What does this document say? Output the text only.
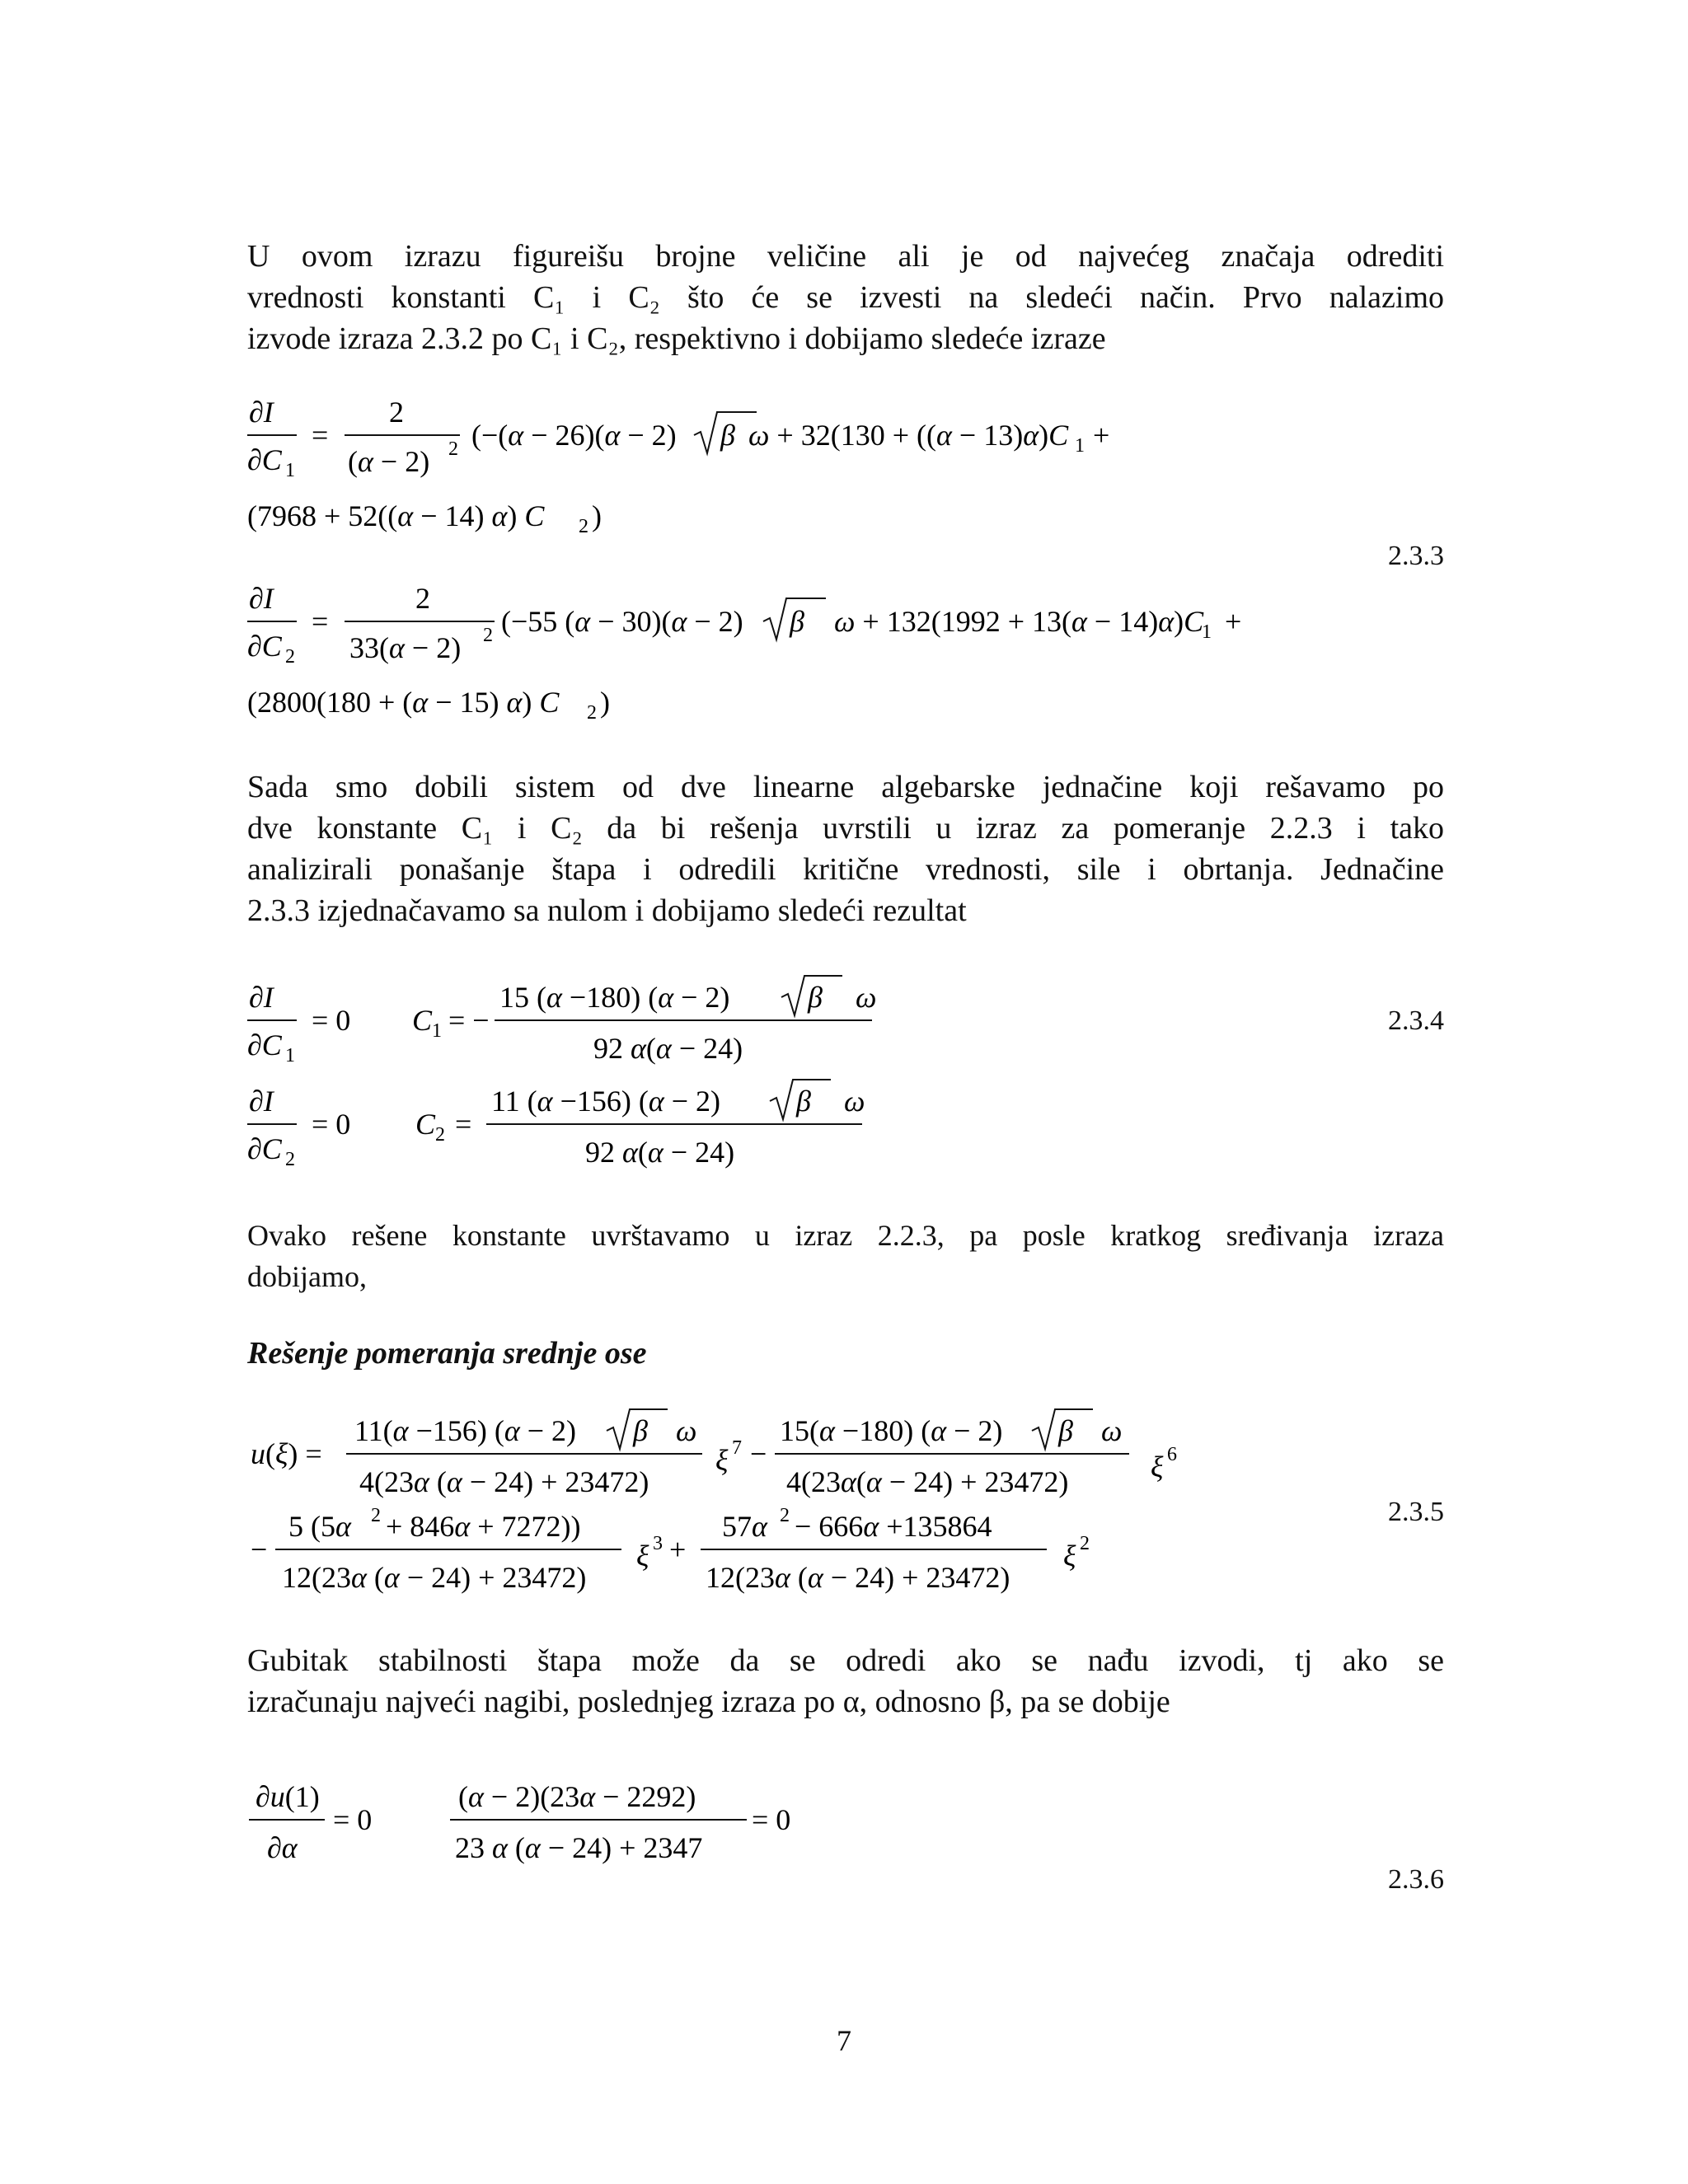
U ovom izrazu figureišu brojne veličine ali je od najvećeg značaja odrediti
vrednosti konstanti C₁ i C₂ što će se izvesti na sledeći način. Prvo nalazimo
izvode izraza 2.3.2 po C₁ i C₂, respektivno i dobijamo sledeće izraze
∂I
∂C 1
=
2
(α − 2) 2 (−(α − 26)(α − 2) β ω + 32(130 + ((α − 13)α)C 1 +
(7968 + 52((α − 14) α) C 2 )
∂I
∂C 2
=
2
33(α − 2) 2 (−55 (α − 30)(α − 2) β ω + 132(1992 + 13(α − 14)α)C
1 +
(2800(180 + (α − 15) α) C 2 )
2.3.3
Sada smo dobili sistem od dve linearne algebarske jednačine koji rešavamo po
dve konstante C₁ i C₂ da bi rešenja uvrstili u izraz za pomeranje 2.2.3 i tako
analizirali ponašanje štapa i odredili kritične vrednosti, sile i obrtanja. Jednačine
2.3.3 izjednačavamo sa nulom i dobijamo sledeći rezultat
∂I
∂C 1
= 0 C 1 = −
15 (α −180) (α − 2)	β ω
92 α(α − 24)
∂I
∂C 2
= 0 C 2 =
11 (α −156) (α − 2)	β ω
92 α(α − 24)
2.3.4
Ovako rešene konstante uvrštavamo u izraz 2.2.3, pa posle kratkog sređivanja izraza
dobijamo,
Rešenje pomeranja srednje ose
u(ξ) =
11(α −156) (α − 2) β ω
4(23α (α − 24) + 23472)
ξ 7 −
15(α −180) (α − 2) β ω
4(23α(α − 24) + 23472)	ξ 6
−
5 (5α 2 + 846α + 7272))
12(23α (α − 24) + 23472)
ξ 3 +
57α 2 − 666α +135864
12(23α (α − 24) + 23472)
ξ 2
2.3.5
Gubitak stabilnosti štapa može da se odredi ako se nađu izvodi, tj ako se
izračunaju najveći nagibi, poslednjeg izraza po α, odnosno β, pa se dobije
∂u(1)
∂α
= 0
(α − 2)(23α − 2292)
23 α (α − 24) + 2347
= 0
2.3.6
7
